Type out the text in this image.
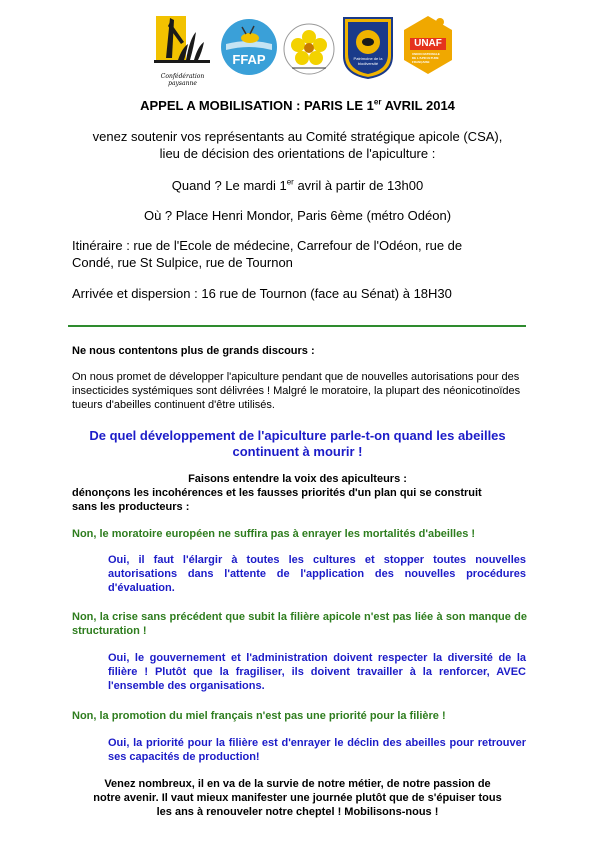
Confédération paysanne
FFAP	Patrimoine de la biodiversité
UNAF
UNION NATIONALE DE L'APICULTURE FRANÇAISE
APPEL A MOBILISATION : PARIS LE 1er AVRIL 2014
venez soutenir vos représentants au Comité stratégique apicole (CSA),
lieu de décision des orientations de l'apiculture :
Quand ? Le mardi 1er avril à partir de 13h00
Où ? Place Henri Mondor, Paris 6ème (métro Odéon)
Itinéraire : rue de l'Ecole de médecine, Carrefour de l'Odéon, rue de
Condé, rue St Sulpice, rue de Tournon
Arrivée et dispersion : 16 rue de Tournon (face au Sénat) à 18H30
Ne nous contentons plus de grands discours :
On nous promet de développer l'apiculture pendant que de nouvelles autorisations pour des insecticides systémiques sont délivrées ! Malgré le moratoire, la plupart des néonicotinoïdes tueurs d'abeilles continuent d'être utilisés.
De quel développement de l'apiculture parle-t-on quand les abeilles
continuent à mourir !
Faisons entendre la voix des apiculteurs :
dénonçons les incohérences et les fausses priorités d'un plan qui se construit
sans les producteurs :
Non, le moratoire européen ne suffira pas à enrayer les mortalités d'abeilles !
Oui, il faut l'élargir à toutes les cultures et stopper toutes nouvelles autorisations dans l'attente de l'application des nouvelles procédures d'évaluation.
Non, la crise sans précédent que subit la filière apicole n'est pas liée à son manque de structuration !
Oui, le gouvernement et l'administration doivent respecter la diversité de la filière ! Plutôt que la fragiliser, ils doivent travailler à la renforcer, AVEC l'ensemble des organisations.
Non, la promotion du miel français n'est pas une priorité pour la filière !
Oui, la priorité pour la filière est d'enrayer le déclin des abeilles pour retrouver ses capacités de production!
Venez nombreux, il en va de la survie de notre métier, de notre passion de
notre avenir. Il vaut mieux manifester une journée plutôt que de s'épuiser tous
les ans à renouveler notre cheptel ! Mobilisons-nous !
